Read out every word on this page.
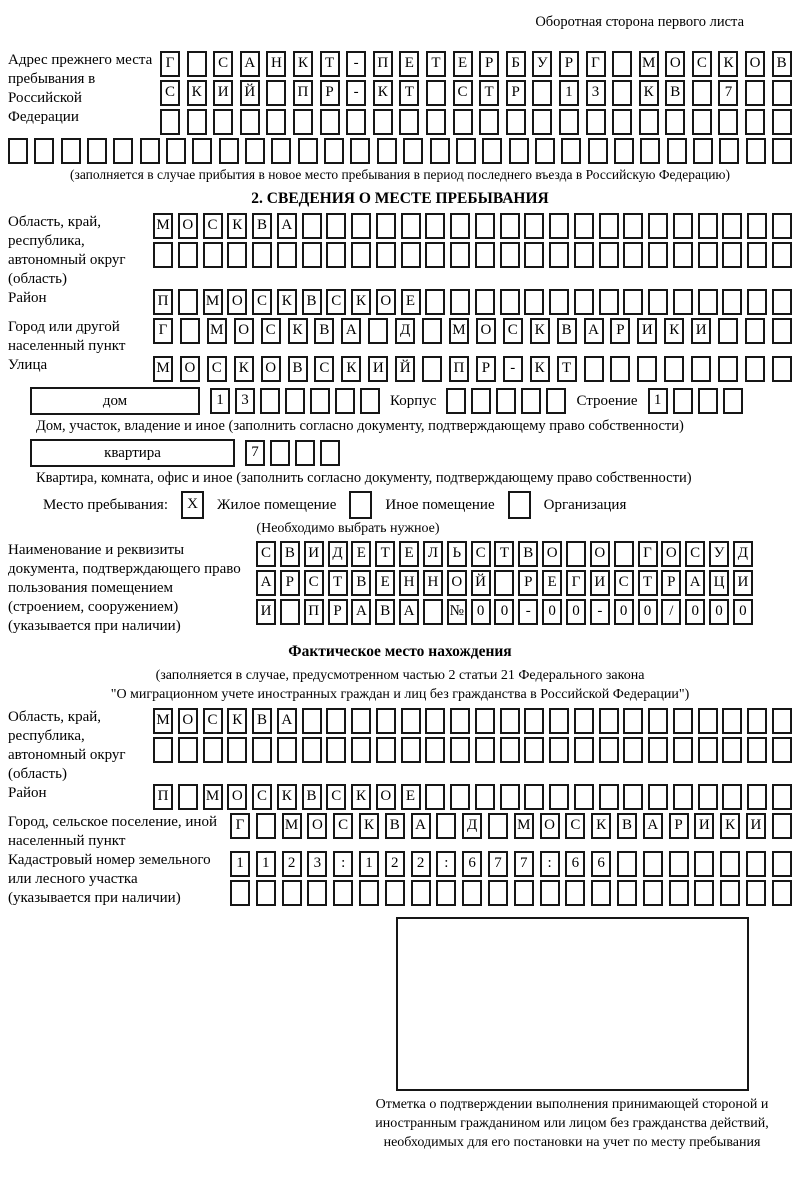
Оборотная сторона первого листа
Адрес прежнего места пребывания в Российской Федерации
Г	С	А	Н	К	Т	-	П	Е	Т	Е	Р	Б	У	Р	Г	М О	С	К	О	В
С	К	И	Й	П	Р	-	К	Т	С	Т	Р	1	3	К	В	7
(заполняется в случае прибытия в новое место пребывания в период последнего въезда в Российскую Федерацию)
2. СВЕДЕНИЯ О МЕСТЕ ПРЕБЫВАНИЯ
Область, край, республика, автономный округ (область)
М О С К В А
Район	П	М О С К В С К О Е
Город или другой населенный пункт
Г	М О	С	К	В	А	Д	М О	С	К	В	А	Р	И	К	И
Улица	М О	С	К	О	В	С	К	И	Й	П	Р	-	К	Т
дом	1	3	Корпус	Строение	1
Дом, участок, владение и иное (заполнить согласно документу, подтверждающему право собственности)
квартира	7
Квартира, комната, офис и иное (заполнить согласно документу, подтверждающему право собственности)
Место пребывания:	X	Жилое помещение	Иное помещение	Организация
(Необходимо выбрать нужное)
Наименование и реквизиты документа, подтверждающего право пользования помещением (строением, сооружением) (указывается при наличии)
С В И Д Е Т Е Л Ь С Т В О	О	Г О С У Д
А Р С Т В Е Н Н О Й	Р	Е Г И С Т	Р А Ц И
И	П Р А В А	№ 0	0	-	0	0	-	0	0	/	0	0	0
Фактическое место нахождения
(заполняется в случае, предусмотренном частью 2 статьи 21 Федерального закона
"О миграционном учете иностранных граждан и лиц без гражданства в Российской Федерации")
Область, край, республика, автономный округ (область)
М О С К В А
Район	П	М О С К В С К О Е
Город, сельское поселение, иной населенный пункт
Г	М О	С	К	В	А	Д	М О	С	К	В	А	Р	И	К	И
Кадастровый номер земельного или лесного участка (указывается при наличии)
1	1	2	3	:	1	2	2	:	6	7	7	:	6	6
Отметка о подтверждении выполнения принимающей стороной и иностранным гражданином или лицом без гражданства действий, необходимых для его постановки на учет по месту пребывания
